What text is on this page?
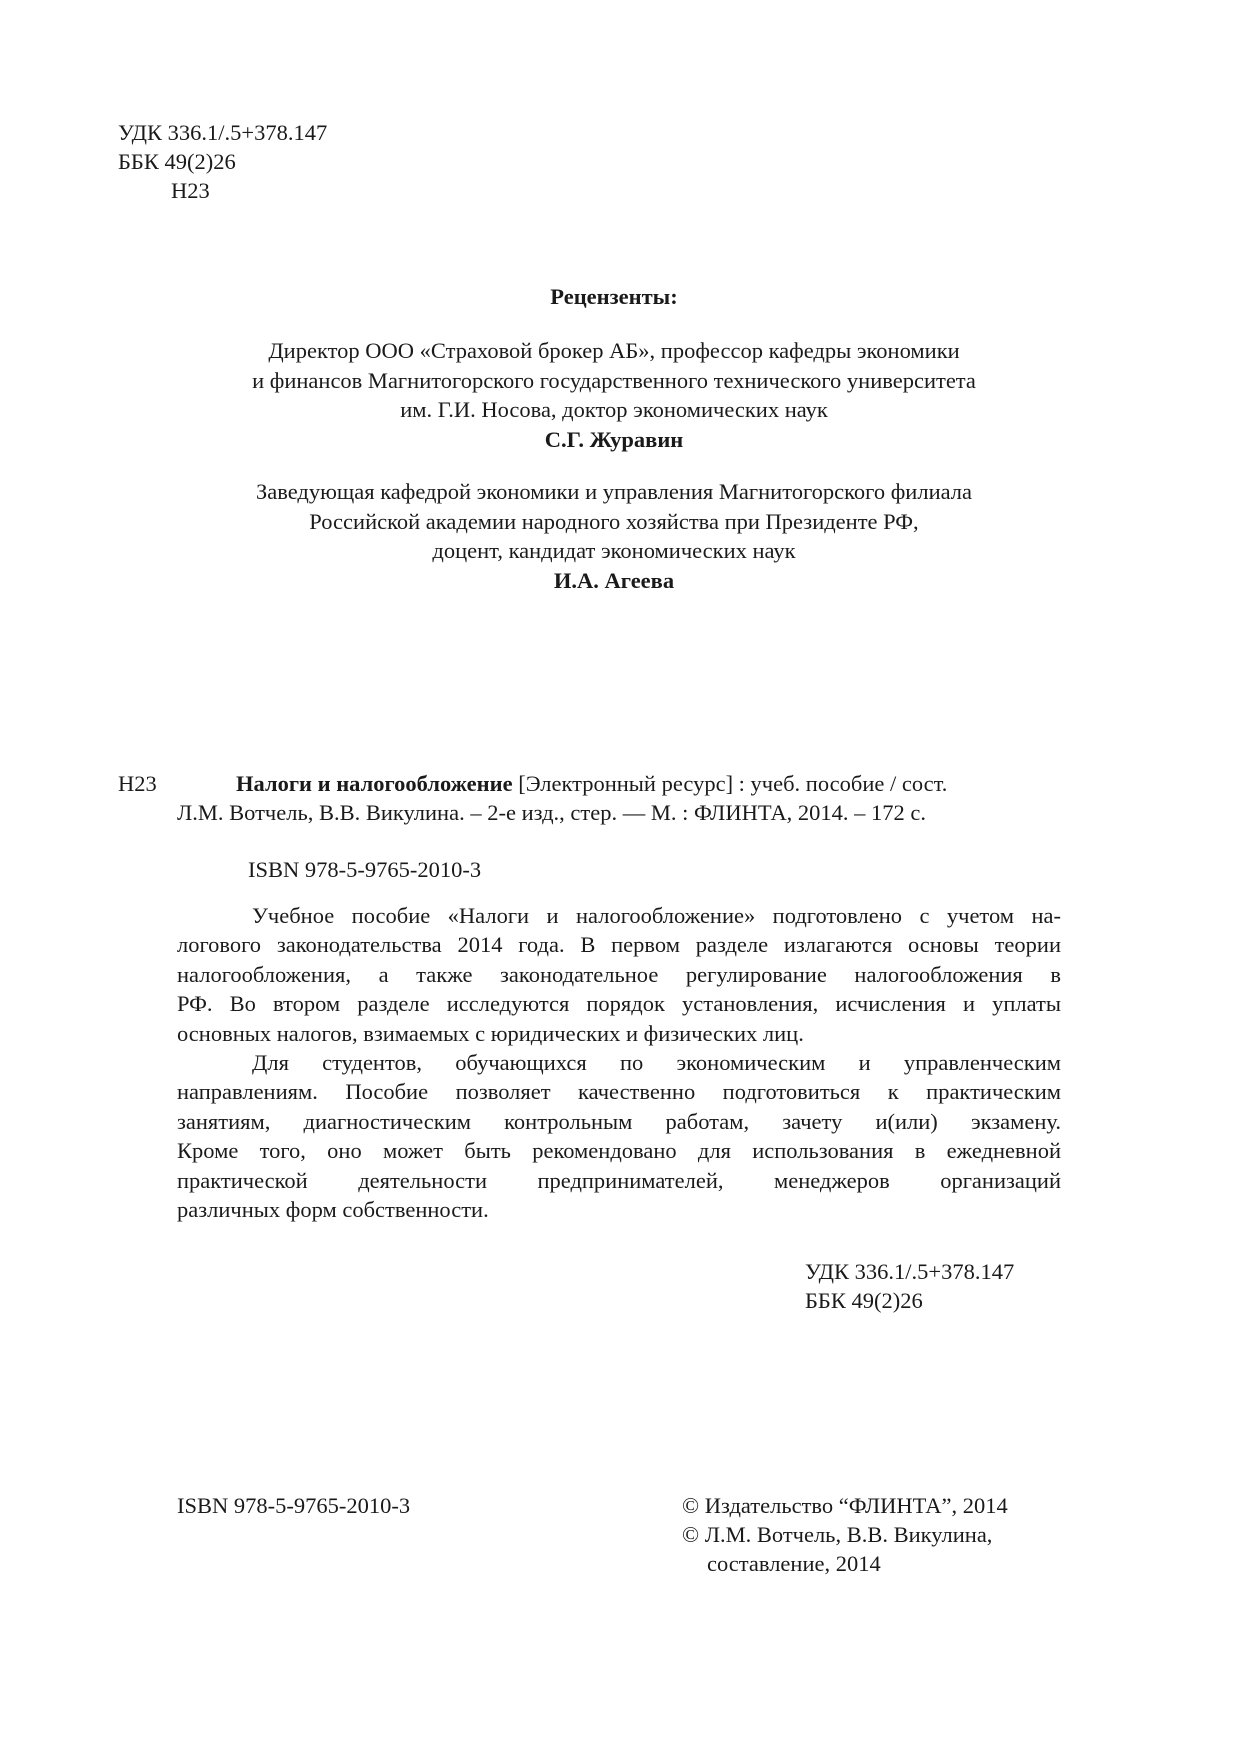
УДК 336.1/.5+378.147
ББК 49(2)26
Н23
Рецензенты:
Директор ООО «Страховой брокер АБ», профессор кафедры экономики
и финансов Магнитогорского государственного технического университета
им. Г.И. Носова, доктор экономических наук
С.Г. Журавин
Заведующая кафедрой экономики и управления Магнитогорского филиала
Российской академии народного хозяйства при Президенте РФ,
доцент, кандидат экономических наук
И.А. Агеева
Н23	Налоги и налогообложение [Электронный ресурс] : учеб. пособие / сост.
Л.М. Вотчель, В.В. Викулина. – 2-е изд., стер. — М. : ФЛИНТА, 2014. – 172 с.
ISBN 978-5-9765-2010-3
Учебное пособие «Налоги и налогообложение» подготовлено с учетом на-
логового законодательства 2014 года. В первом разделе излагаются основы теории
налогообложения, а также законодательное регулирование налогообложения в
РФ. Во втором разделе исследуются порядок установления, исчисления и уплаты
основных налогов, взимаемых с юридических и физических лиц.
Для студентов, обучающихся по экономическим и управленческим
направлениям. Пособие позволяет качественно подготовиться к практическим
занятиям, диагностическим контрольным работам, зачету и(или) экзамену.
Кроме того, оно может быть рекомендовано для использования в ежедневной
практической деятельности предпринимателей, менеджеров организаций
различных форм собственности.
УДК 336.1/.5+378.147
ББК 49(2)26
ISBN 978-5-9765-2010-3	© Издательство “ФЛИНТА”, 2014
© Л.М. Вотчель, В.В. Викулина,
составление, 2014
